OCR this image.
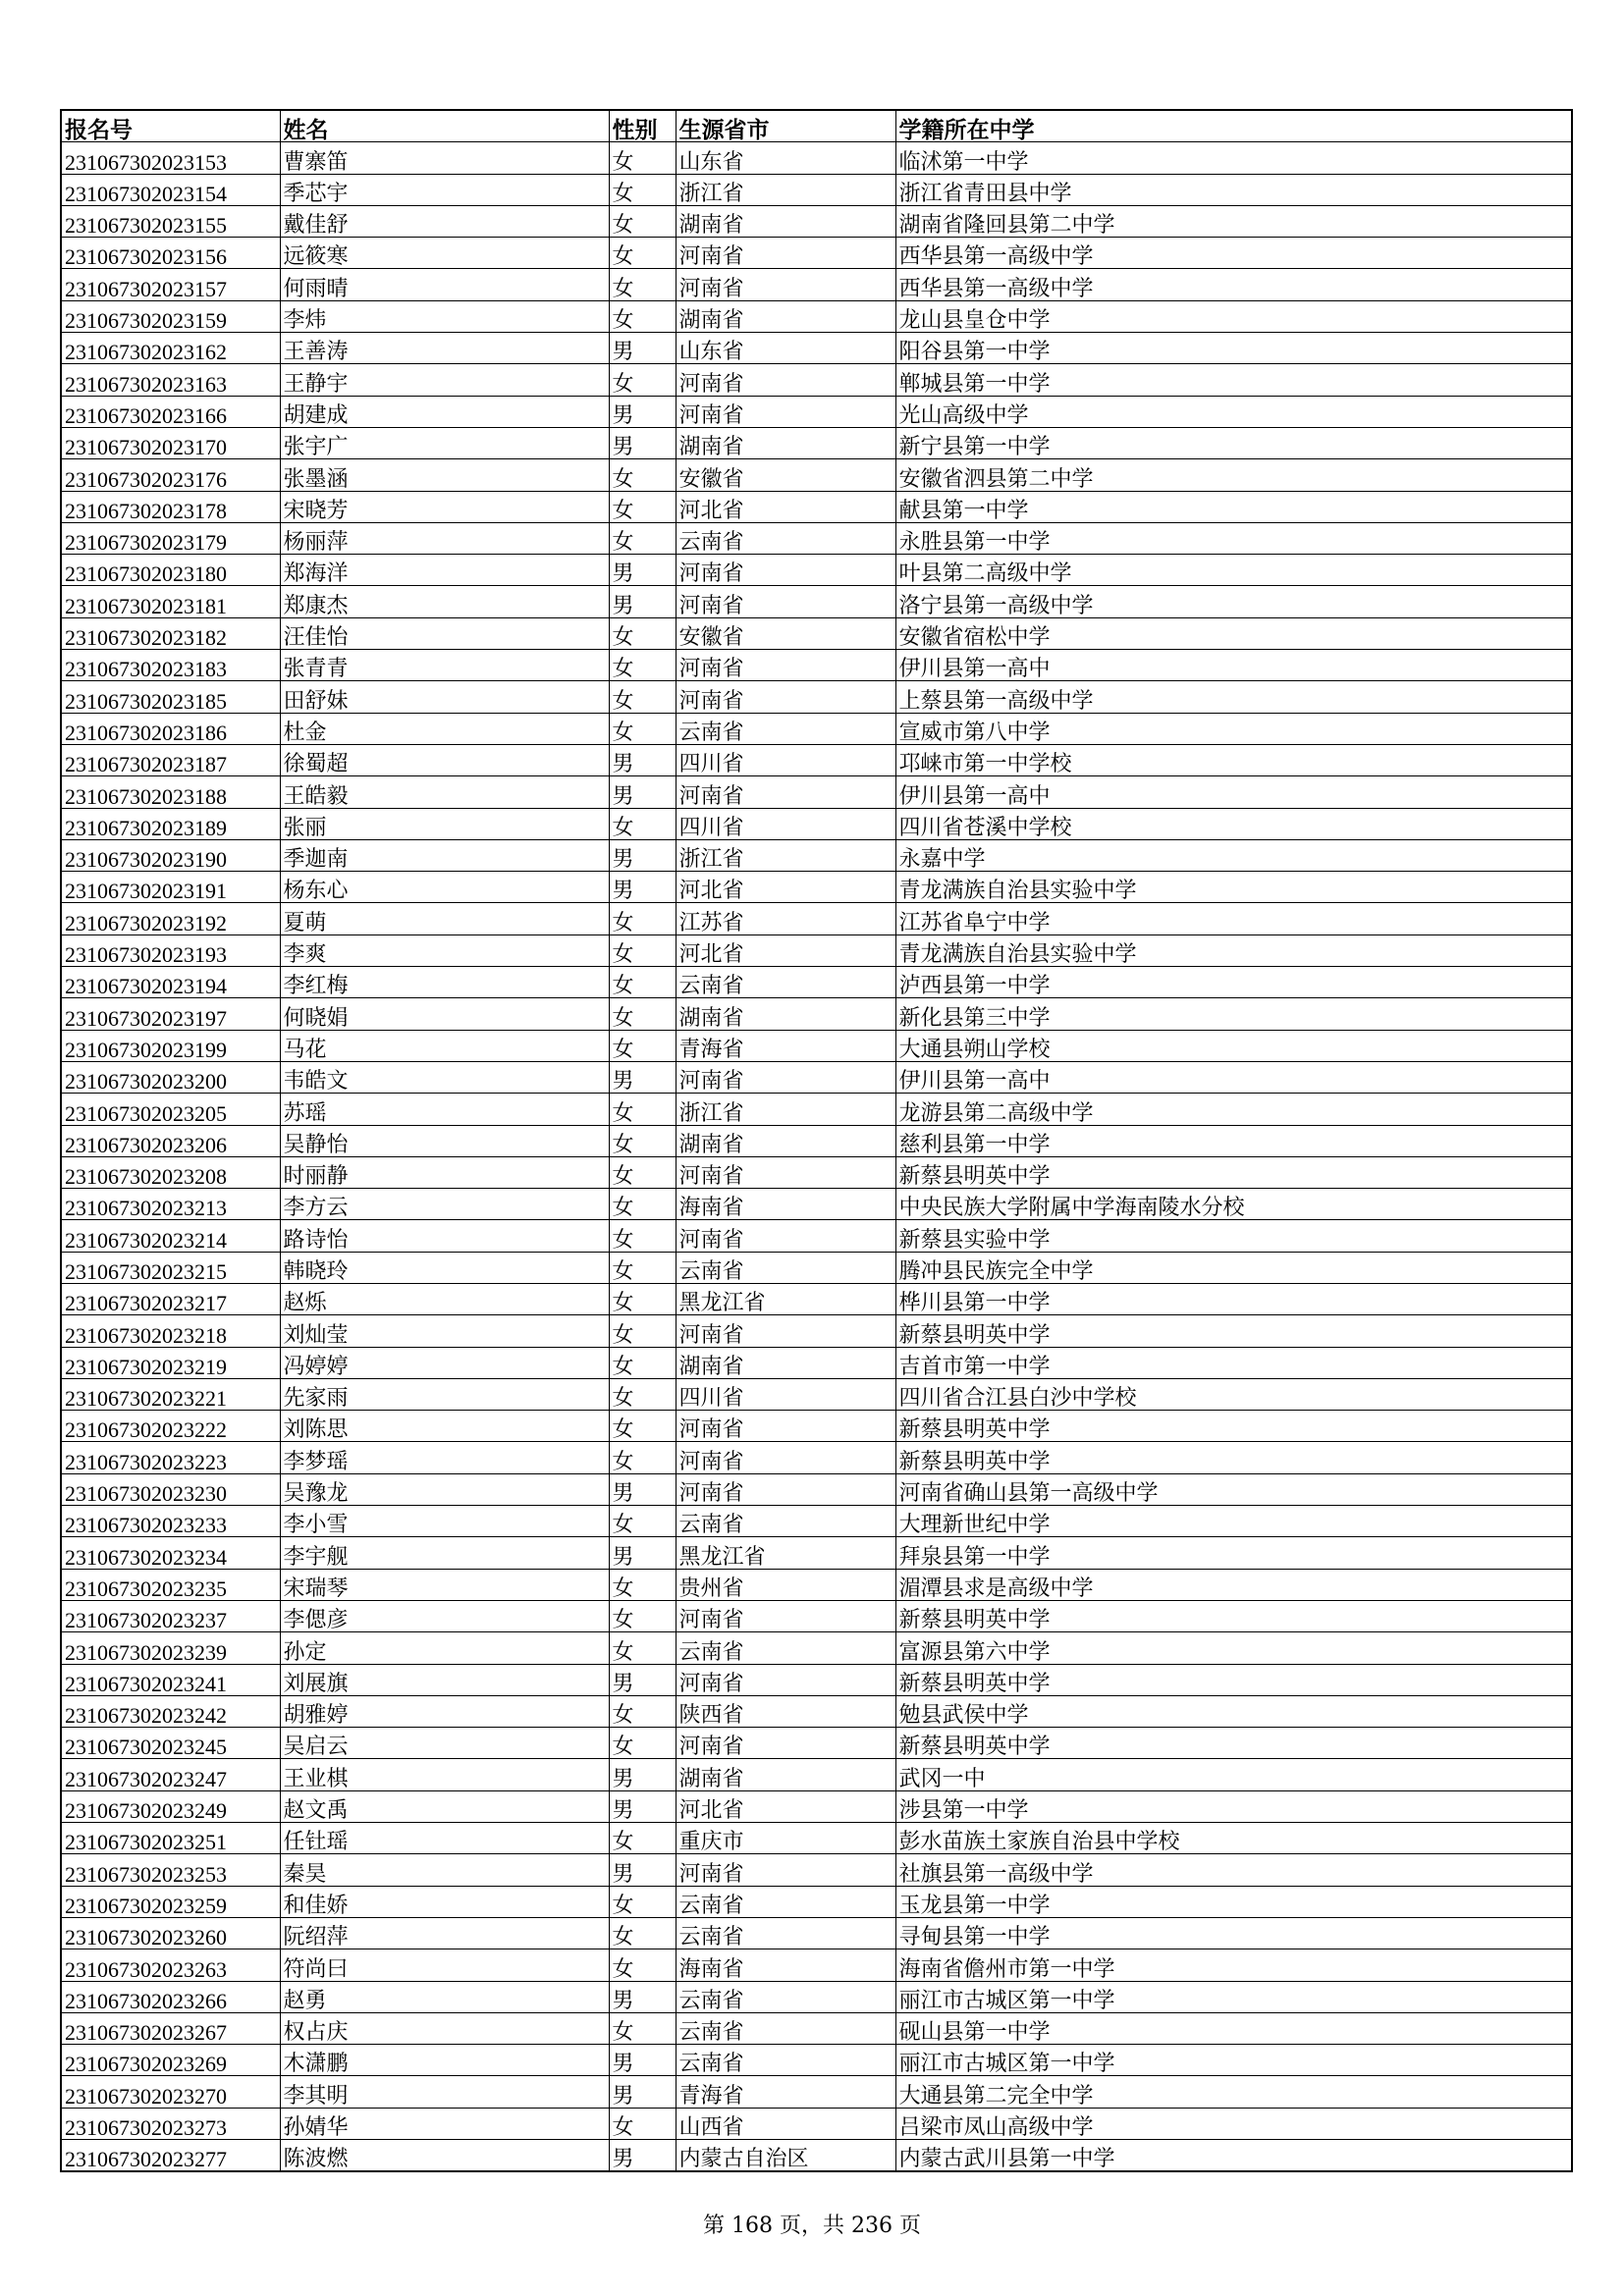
报名号	姓名	性别	生源省市	学籍所在中学
231067302023153	曹寨笛	女	山东省	临沭第一中学
231067302023154	季芯宇	女	浙江省	浙江省青田县中学
231067302023155	戴佳舒	女	湖南省	湖南省隆回县第二中学
231067302023156	远筱寒	女	河南省	西华县第一高级中学
231067302023157	何雨晴	女	河南省	西华县第一高级中学
231067302023159	李炜	女	湖南省	龙山县皇仓中学
231067302023162	王善涛	男	山东省	阳谷县第一中学
231067302023163	王静宇	女	河南省	郸城县第一中学
231067302023166	胡建成	男	河南省	光山高级中学
231067302023170	张宇广	男	湖南省	新宁县第一中学
231067302023176	张墨涵	女	安徽省	安徽省泗县第二中学
231067302023178	宋晓芳	女	河北省	献县第一中学
231067302023179	杨丽萍	女	云南省	永胜县第一中学
231067302023180	郑海洋	男	河南省	叶县第二高级中学
231067302023181	郑康杰	男	河南省	洛宁县第一高级中学
231067302023182	汪佳怡	女	安徽省	安徽省宿松中学
231067302023183	张青青	女	河南省	伊川县第一高中
231067302023185	田舒妹	女	河南省	上蔡县第一高级中学
231067302023186	杜金	女	云南省	宣威市第八中学
231067302023187	徐蜀超	男	四川省	邛崃市第一中学校
231067302023188	王皓毅	男	河南省	伊川县第一高中
231067302023189	张丽	女	四川省	四川省苍溪中学校
231067302023190	季迦南	男	浙江省	永嘉中学
231067302023191	杨东心	男	河北省	青龙满族自治县实验中学
231067302023192	夏萌	女	江苏省	江苏省阜宁中学
231067302023193	李爽	女	河北省	青龙满族自治县实验中学
231067302023194	李红梅	女	云南省	泸西县第一中学
231067302023197	何晓娟	女	湖南省	新化县第三中学
231067302023199	马花	女	青海省	大通县朔山学校
231067302023200	韦皓文	男	河南省	伊川县第一高中
231067302023205	苏瑶	女	浙江省	龙游县第二高级中学
231067302023206	吴静怡	女	湖南省	慈利县第一中学
231067302023208	时丽静	女	河南省	新蔡县明英中学
231067302023213	李方云	女	海南省	中央民族大学附属中学海南陵水分校
231067302023214	路诗怡	女	河南省	新蔡县实验中学
231067302023215	韩晓玲	女	云南省	腾冲县民族完全中学
231067302023217	赵烁	女	黑龙江省	桦川县第一中学
231067302023218	刘灿莹	女	河南省	新蔡县明英中学
231067302023219	冯婷婷	女	湖南省	吉首市第一中学
231067302023221	先家雨	女	四川省	四川省合江县白沙中学校
231067302023222	刘陈思	女	河南省	新蔡县明英中学
231067302023223	李梦瑶	女	河南省	新蔡县明英中学
231067302023230	吴豫龙	男	河南省	河南省确山县第一高级中学
231067302023233	李小雪	女	云南省	大理新世纪中学
231067302023234	李宇舰	男	黑龙江省	拜泉县第一中学
231067302023235	宋瑞琴	女	贵州省	湄潭县求是高级中学
231067302023237	李偲彦	女	河南省	新蔡县明英中学
231067302023239	孙定	女	云南省	富源县第六中学
231067302023241	刘展旗	男	河南省	新蔡县明英中学
231067302023242	胡雅婷	女	陕西省	勉县武侯中学
231067302023245	吴启云	女	河南省	新蔡县明英中学
231067302023247	王业棋	男	湖南省	武冈一中
231067302023249	赵文禹	男	河北省	涉县第一中学
231067302023251	任钍瑶	女	重庆市	彭水苗族土家族自治县中学校
231067302023253	秦昊	男	河南省	社旗县第一高级中学
231067302023259	和佳娇	女	云南省	玉龙县第一中学
231067302023260	阮绍萍	女	云南省	寻甸县第一中学
231067302023263	符尚曰	女	海南省	海南省儋州市第一中学
231067302023266	赵勇	男	云南省	丽江市古城区第一中学
231067302023267	权占庆	女	云南省	砚山县第一中学
231067302023269	木潇鹏	男	云南省	丽江市古城区第一中学
231067302023270	李其明	男	青海省	大通县第二完全中学
231067302023273	孙婧华	女	山西省	吕梁市凤山高级中学
231067302023277	陈波燃	男	内蒙古自治区	内蒙古武川县第一中学
第 168 页，共 236 页
